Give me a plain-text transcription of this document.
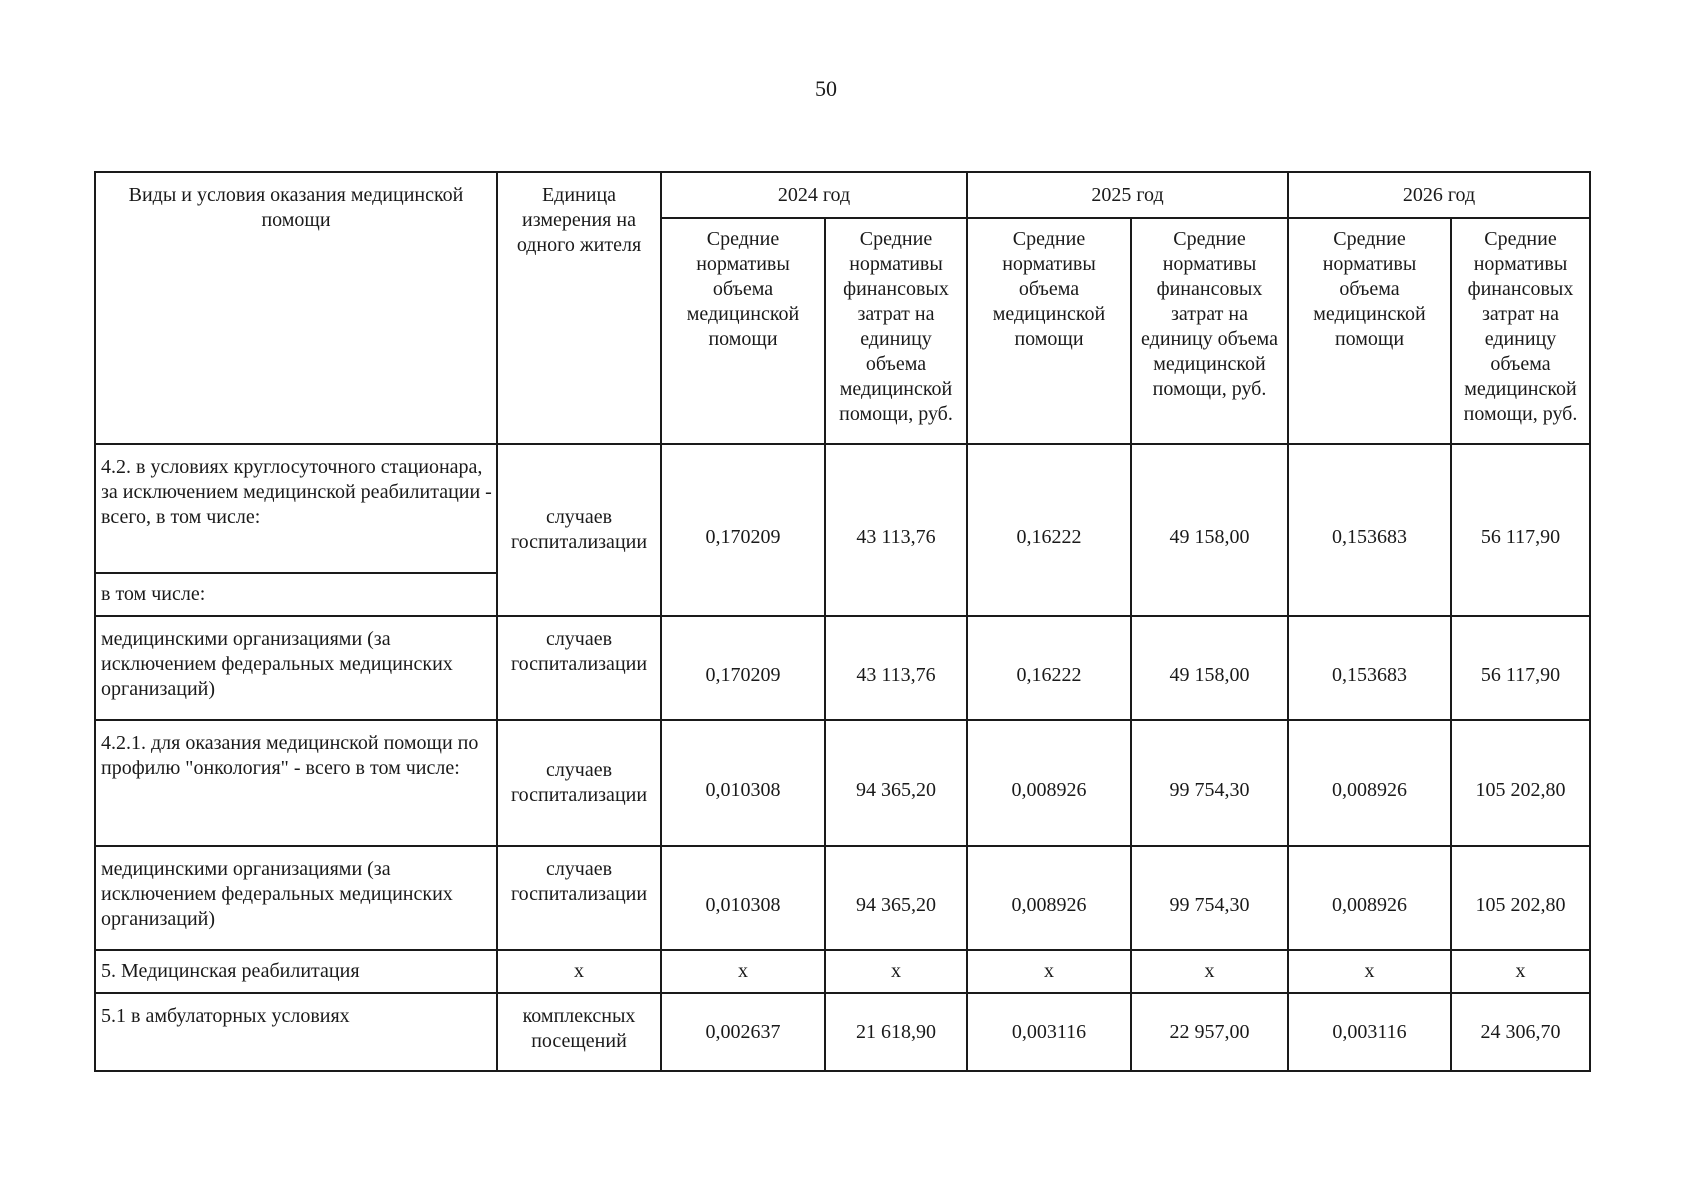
50
Виды и условия оказания медицинской помощи	Единица измерения на одного жителя	2024 год		2025 год		2026 год	
		Средние нормативы объема медицинской помощи	Средние нормативы финансовых затрат на единицу объема медицинской помощи, руб.	Средние нормативы объема медицинской помощи	Средние нормативы финансовых затрат на единицу объема медицинской помощи, руб.	Средние нормативы объема медицинской помощи	Средние нормативы финансовых затрат на единицу объема медицинской помощи, руб.
4.2. в условиях круглосуточного стационара, за исключением медицинской реабилитации - всего, в том числе:	случаев госпитализации	0,170209	43 113,76	0,16222	49 158,00	0,153683	56 117,90
в том числе:							
медицинскими организациями (за исключением федеральных медицинских организаций)	случаев госпитализации	0,170209	43 113,76	0,16222	49 158,00	0,153683	56 117,90
4.2.1. для оказания медицинской помощи по профилю "онкология" - всего в том числе:	случаев госпитализации	0,010308	94 365,20	0,008926	99 754,30	0,008926	105 202,80
медицинскими организациями (за исключением федеральных медицинских организаций)	случаев госпитализации	0,010308	94 365,20	0,008926	99 754,30	0,008926	105 202,80
5. Медицинская реабилитация	x	x	x	x	x	x	x
5.1 в амбулаторных условиях	комплексных посещений	0,002637	21 618,90	0,003116	22 957,00	0,003116	24 306,70
